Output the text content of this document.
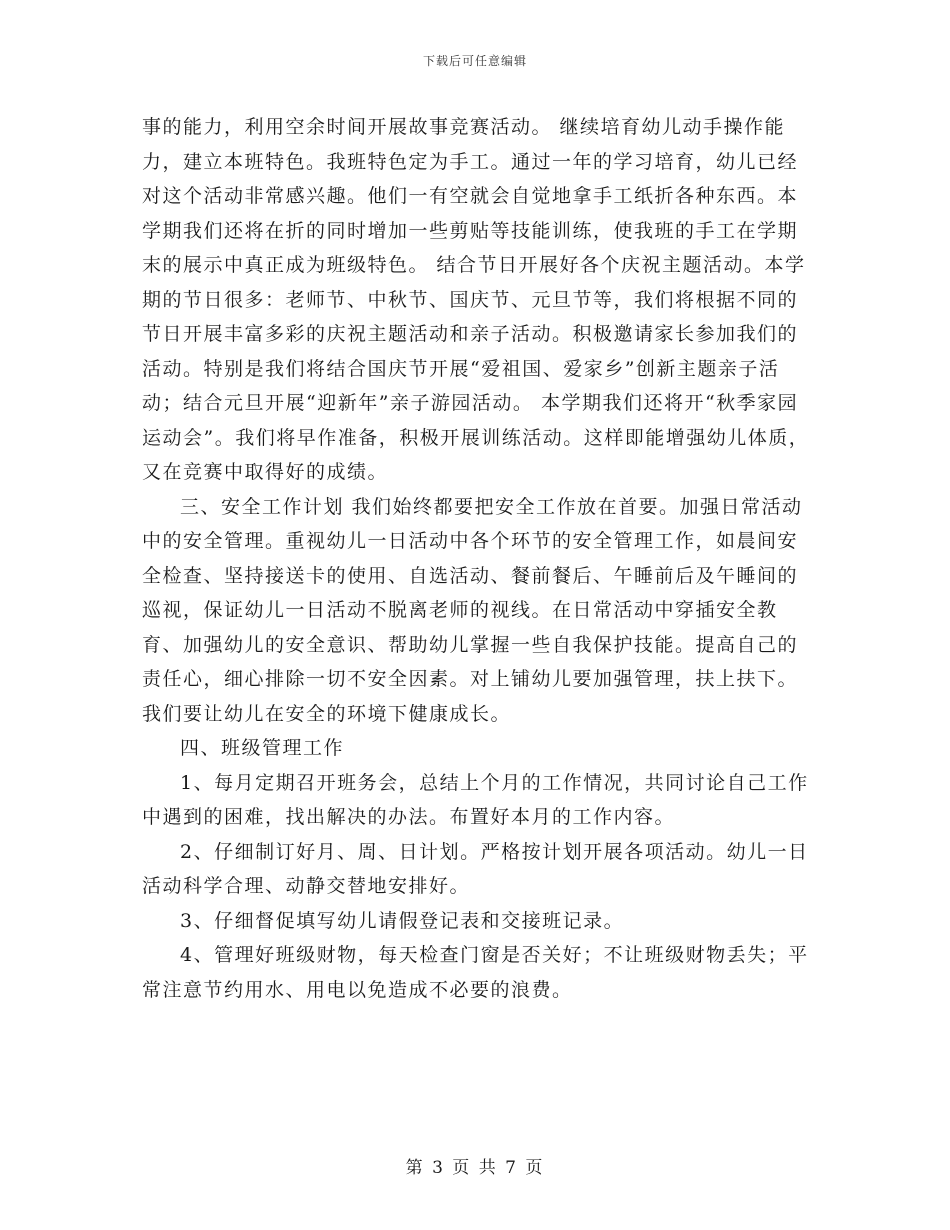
下载后可任意编辑

事的能力，利用空余时间开展故事竞赛活动。 继续培育幼儿动手操作能力，建立本班特色。我班特色定为手工。通过一年的学习培育，幼儿已经对这个活动非常感兴趣。他们一有空就会自觉地拿手工纸折各种东西。本学期我们还将在折的同时增加一些剪贴等技能训练，使我班的手工在学期末的展示中真正成为班级特色。 结合节日开展好各个庆祝主题活动。本学期的节日很多：老师节、中秋节、国庆节、元旦节等，我们将根据不同的节日开展丰富多彩的庆祝主题活动和亲子活动。积极邀请家长参加我们的活动。特别是我们将结合国庆节开展“爱祖国、爱家乡”创新主题亲子活动；结合元旦开展“迎新年”亲子游园活动。 本学期我们还将开“秋季家园运动会”。我们将早作准备，积极开展训练活动。这样即能增强幼儿体质，又在竞赛中取得好的成绩。

三、安全工作计划 我们始终都要把安全工作放在首要。加强日常活动中的安全管理。重视幼儿一日活动中各个环节的安全管理工作，如晨间安全检查、坚持接送卡的使用、自选活动、餐前餐后、午睡前后及午睡间的巡视，保证幼儿一日活动不脱离老师的视线。在日常活动中穿插安全教育、加强幼儿的安全意识、帮助幼儿掌握一些自我保护技能。提高自己的责任心，细心排除一切不安全因素。对上铺幼儿要加强管理，扶上扶下。我们要让幼儿在安全的环境下健康成长。

四、班级管理工作

1、每月定期召开班务会，总结上个月的工作情况，共同讨论自己工作中遇到的困难，找出解决的办法。布置好本月的工作内容。

2、仔细制订好月、周、日计划。严格按计划开展各项活动。幼儿一日活动科学合理、动静交替地安排好。

3、仔细督促填写幼儿请假登记表和交接班记录。

4、管理好班级财物，每天检查门窗是否关好；不让班级财物丢失；平常注意节约用水、用电以免造成不必要的浪费。

第 3 页 共 7 页
